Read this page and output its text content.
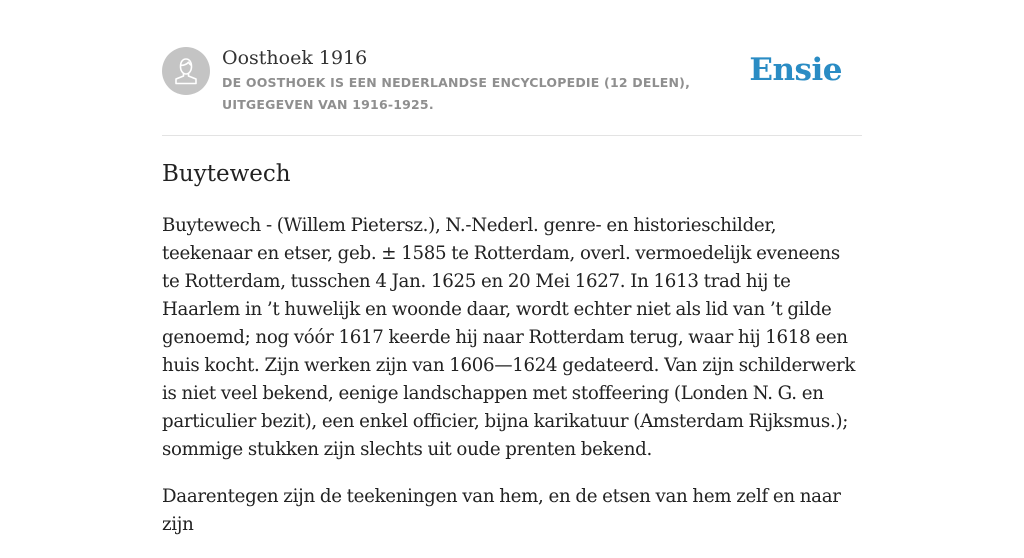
Oosthoek 1916
DE OOSTHOEK IS EEN NEDERLANDSE ENCYCLOPEDIE (12 DELEN), UITGEGEVEN VAN 1916-1925.
Ensie
Buytewech

Buytewech - (Willem Pietersz.), N.-Nederl. genre- en historieschilder, teekenaar en etser, geb. ± 1585 te Rotterdam, overl. vermoedelijk eveneens te Rotterdam, tusschen 4 Jan. 1625 en 20 Mei 1627. In 1613 trad hij te Haarlem in ’t huwelijk en woonde daar, wordt echter niet als lid van ’t gilde genoemd; nog vóór 1617 keerde hij naar Rotterdam terug, waar hij 1618 een huis kocht. Zijn werken zijn van 1606—1624 gedateerd. Van zijn schilderwerk is niet veel bekend, eenige landschappen met stoffeering (Londen N. G. en particulier bezit), een enkel officier, bijna karikatuur (Amsterdam Rijksmus.); sommige stukken zijn slechts uit oude prenten bekend.

Daarentegen zijn de teekeningen van hem, en de etsen van hem zelf en naar zijn
